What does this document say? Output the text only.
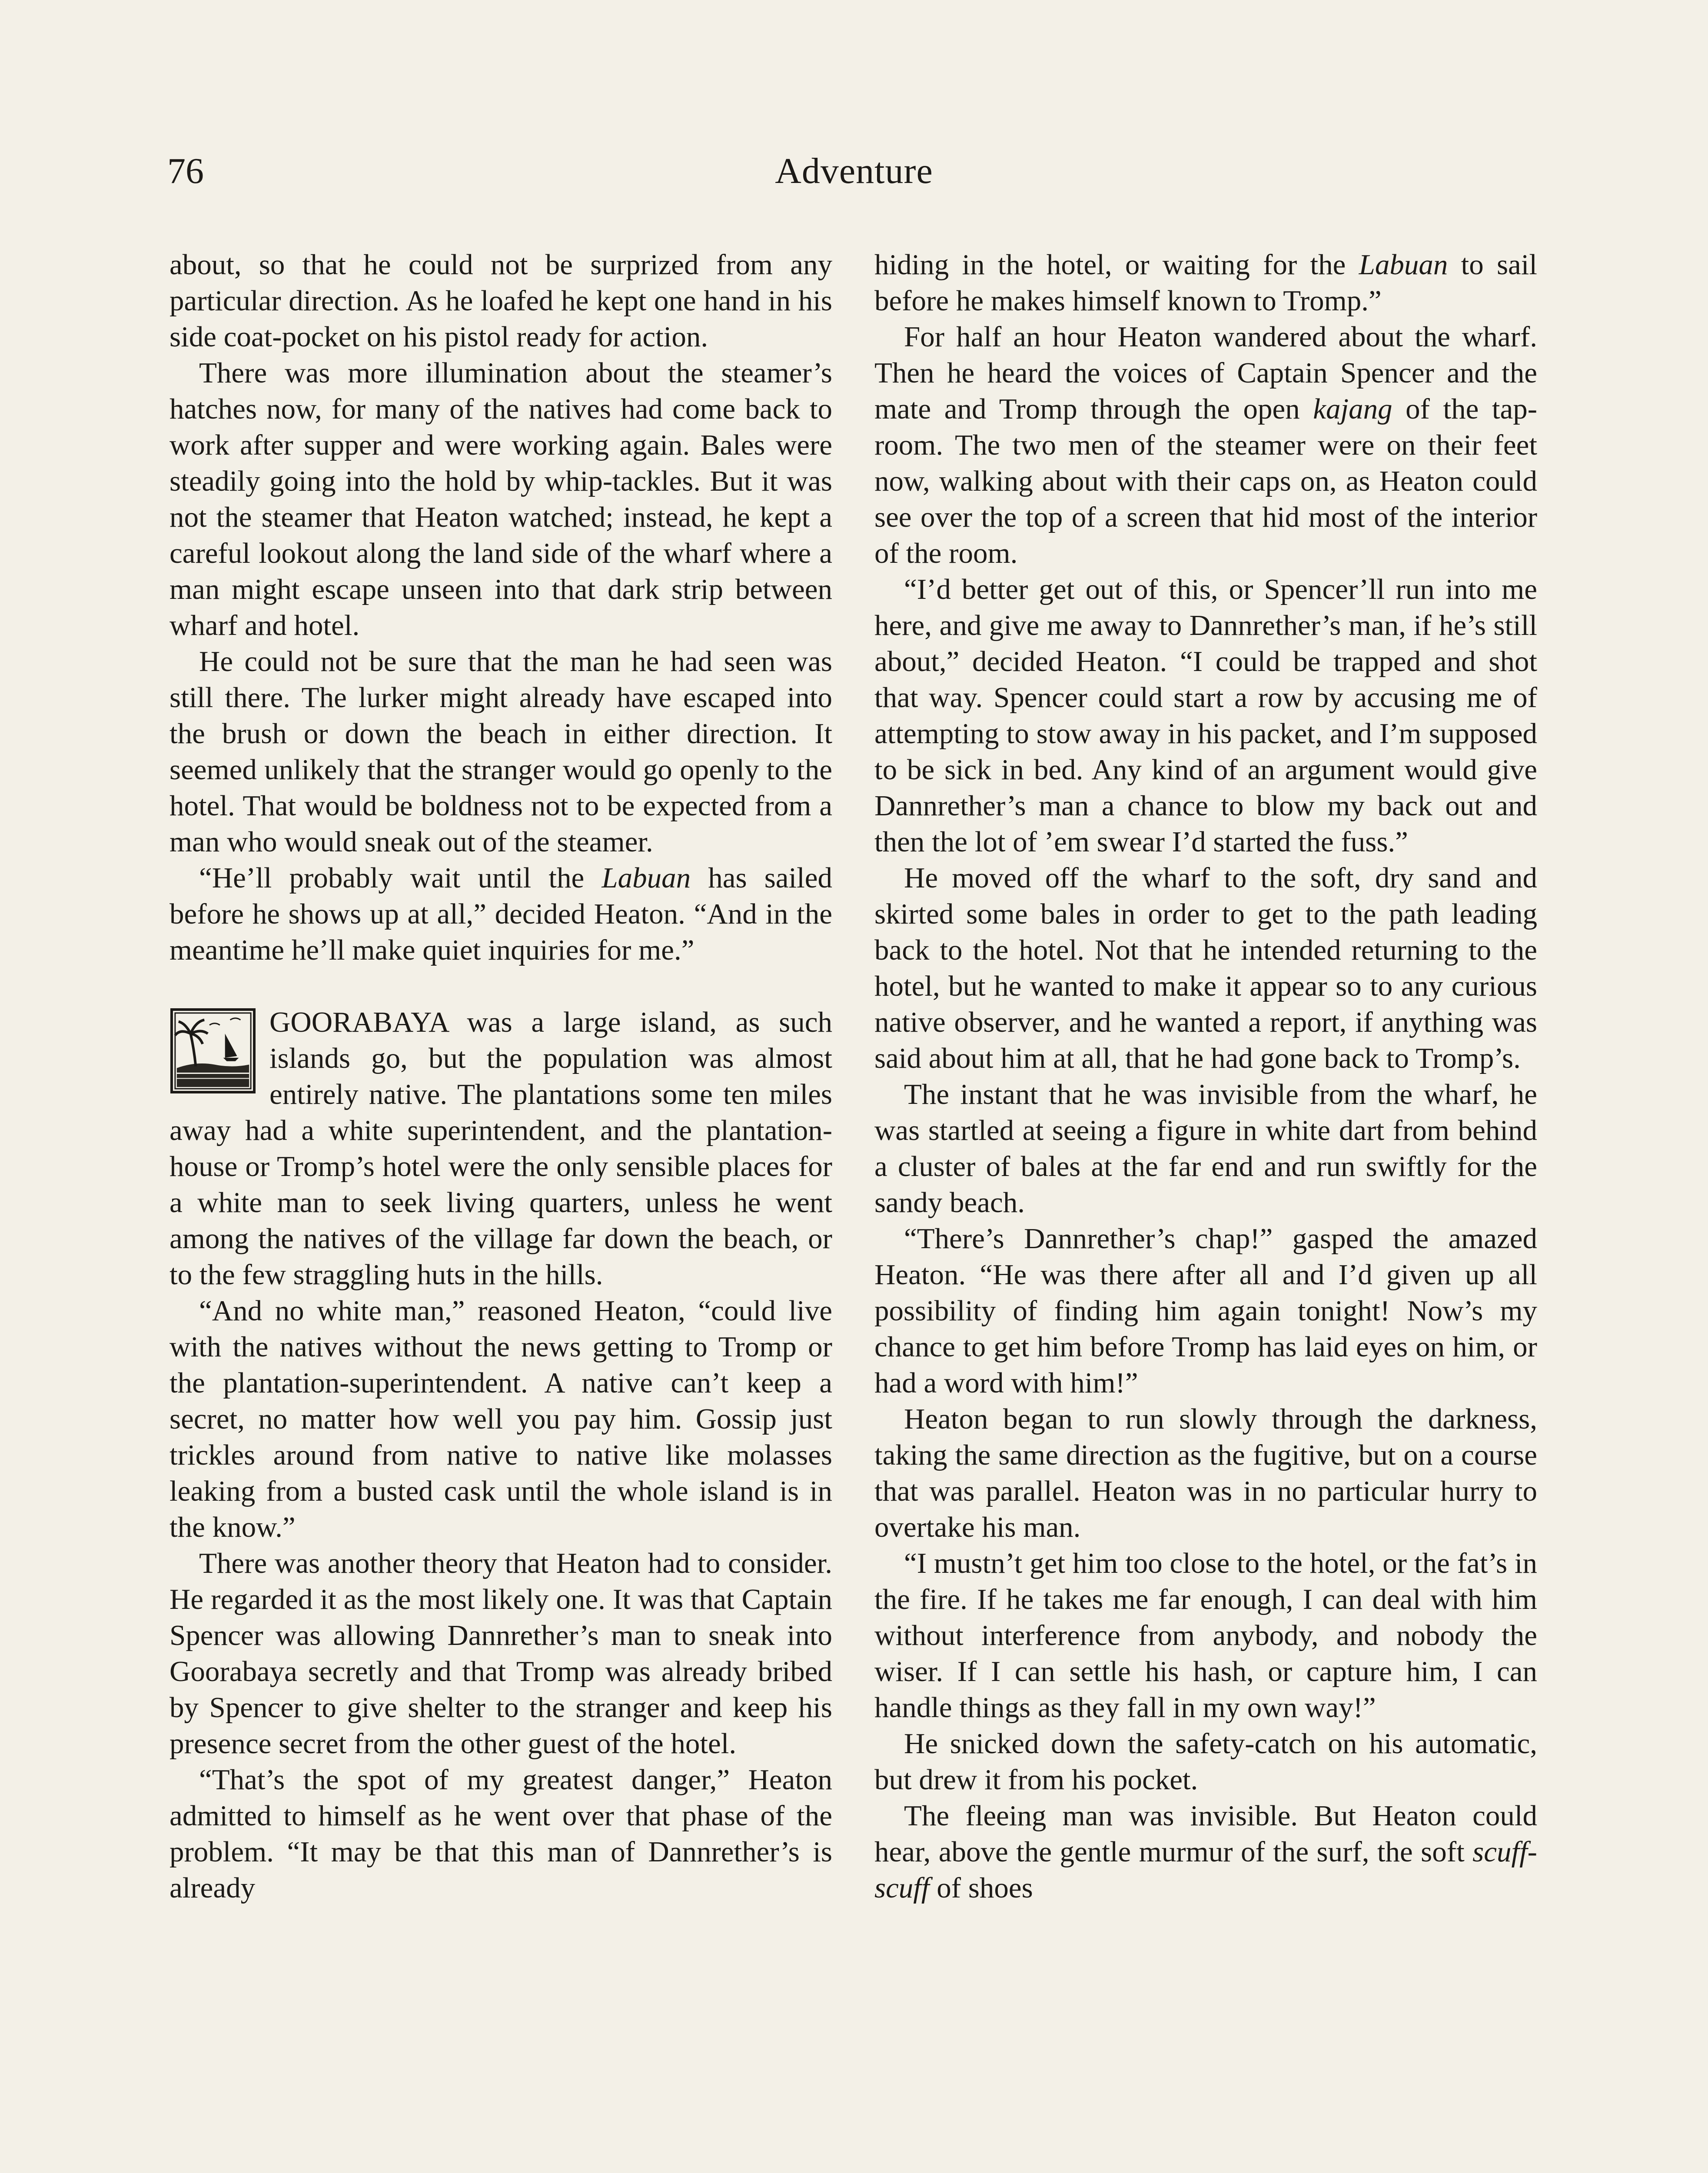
76	Adventure

about, so that he could not be surprized from any particular direction. As he loafed he kept one hand in his side coat-pocket on his pistol ready for action.

There was more illumination about the steamer’s hatches now, for many of the natives had come back to work after supper and were working again. Bales were steadily going into the hold by whip-tackles. But it was not the steamer that Heaton watched; instead, he kept a careful lookout along the land side of the wharf where a man might escape unseen into that dark strip between wharf and hotel.

He could not be sure that the man he had seen was still there. The lurker might already have escaped into the brush or down the beach in either direction. It seemed unlikely that the stranger would go openly to the hotel. That would be boldness not to be expected from a man who would sneak out of the steamer.

“He’ll probably wait until the Labuan has sailed before he shows up at all,” decided Heaton. “And in the meantime he’ll make quiet inquiries for me.”

GOORABAYA was a large island, as such islands go, but the population was almost entirely native. The plantations some ten miles away had a white superintendent, and the plantation-house or Tromp’s hotel were the only sensible places for a white man to seek living quarters, unless he went among the natives of the village far down the beach, or to the few straggling huts in the hills.

“And no white man,” reasoned Heaton, “could live with the natives without the news getting to Tromp or the plantation-superintendent. A native can’t keep a secret, no matter how well you pay him. Gossip just trickles around from native to native like molasses leaking from a busted cask until the whole island is in the know.”

There was another theory that Heaton had to consider. He regarded it as the most likely one. It was that Captain Spencer was allowing Dannrether’s man to sneak into Goorabaya secretly and that Tromp was already bribed by Spencer to give shelter to the stranger and keep his presence secret from the other guest of the hotel.

“That’s the spot of my greatest danger,” Heaton admitted to himself as he went over that phase of the problem. “It may be that this man of Dannrether’s is already

hiding in the hotel, or waiting for the Labuan to sail before he makes himself known to Tromp.”

For half an hour Heaton wandered about the wharf. Then he heard the voices of Captain Spencer and the mate and Tromp through the open kajang of the tap-room. The two men of the steamer were on their feet now, walking about with their caps on, as Heaton could see over the top of a screen that hid most of the interior of the room.

“I’d better get out of this, or Spencer’ll run into me here, and give me away to Dannrether’s man, if he’s still about,” decided Heaton. “I could be trapped and shot that way. Spencer could start a row by accusing me of attempting to stow away in his packet, and I’m supposed to be sick in bed. Any kind of an argument would give Dannrether’s man a chance to blow my back out and then the lot of ’em swear I’d started the fuss.”

He moved off the wharf to the soft, dry sand and skirted some bales in order to get to the path leading back to the hotel. Not that he intended returning to the hotel, but he wanted to make it appear so to any curious native observer, and he wanted a report, if anything was said about him at all, that he had gone back to Tromp’s.

The instant that he was invisible from the wharf, he was startled at seeing a figure in white dart from behind a cluster of bales at the far end and run swiftly for the sandy beach.

“There’s Dannrether’s chap!” gasped the amazed Heaton. “He was there after all and I’d given up all possibility of finding him again tonight! Now’s my chance to get him before Tromp has laid eyes on him, or had a word with him!”

Heaton began to run slowly through the darkness, taking the same direction as the fugitive, but on a course that was parallel. Heaton was in no particular hurry to overtake his man.

“I mustn’t get him too close to the hotel, or the fat’s in the fire. If he takes me far enough, I can deal with him without interference from anybody, and nobody the wiser. If I can settle his hash, or capture him, I can handle things as they fall in my own way!”

He snicked down the safety-catch on his automatic, but drew it from his pocket.

The fleeing man was invisible. But Heaton could hear, above the gentle murmur of the surf, the soft scuff-scuff of shoes
